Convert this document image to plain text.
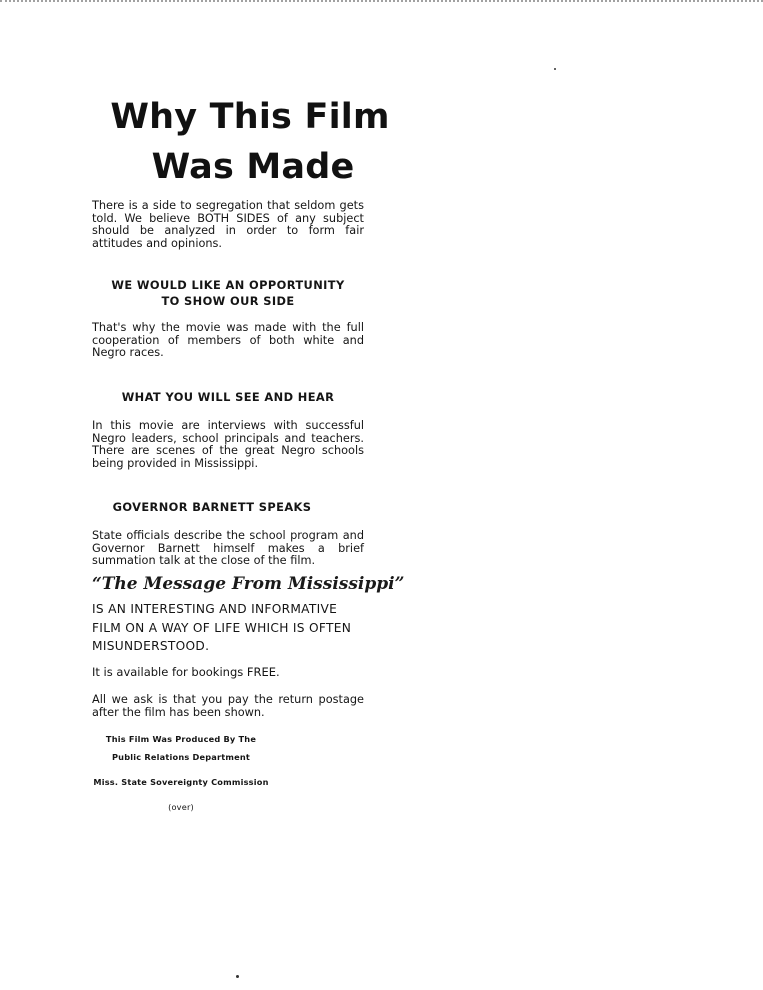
Why This Film
Was Made

There is a side to segregation that seldom gets told. We believe BOTH SIDES of any subject should be analyzed in order to form fair attitudes and opinions.

WE WOULD LIKE AN OPPORTUNITY
TO SHOW OUR SIDE

That's why the movie was made with the full cooperation of members of both white and Negro races.

WHAT YOU WILL SEE AND HEAR

In this movie are interviews with successful Negro leaders, school principals and teachers. There are scenes of the great Negro schools being provided in Mississippi.

GOVERNOR BARNETT SPEAKS

State officials describe the school program and Governor Barnett himself makes a brief summation talk at the close of the film.

“The Message From Mississippi”

IS AN INTERESTING AND INFORMATIVE
FILM ON A WAY OF LIFE WHICH IS OFTEN
MISUNDERSTOOD.

It is available for bookings FREE.

All we ask is that you pay the return postage after the film has been shown.

This Film Was Produced By The
Public Relations Department
Miss. State Sovereignty Commission
(over)
